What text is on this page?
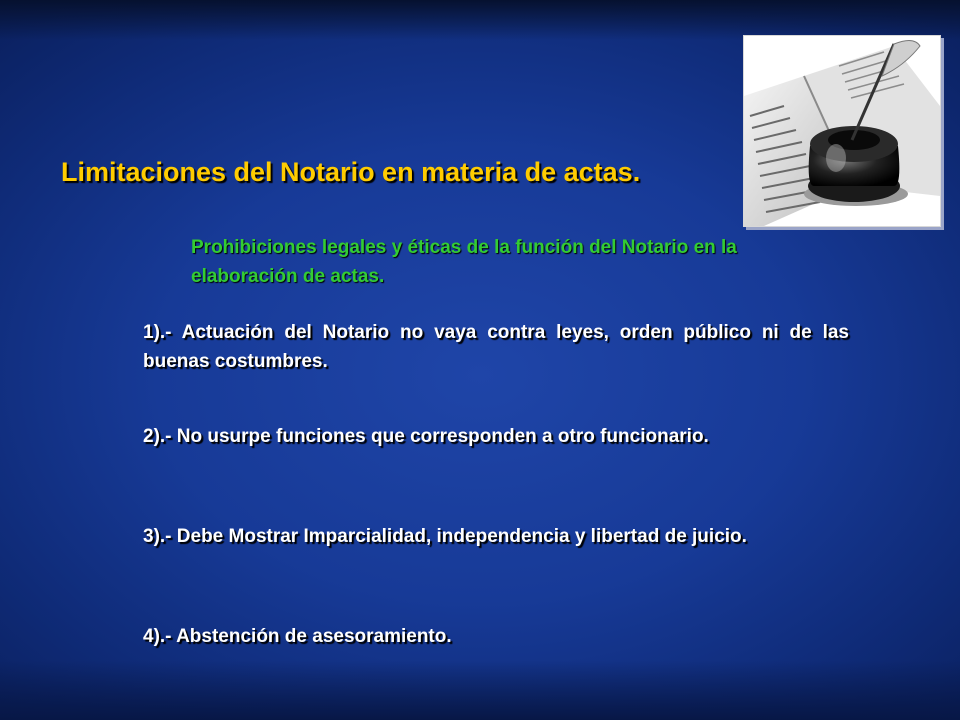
Limitaciones del Notario en materia de actas.

Prohibiciones legales y éticas de la función del Notario en la elaboración de actas.

1).- Actuación del Notario no vaya contra leyes, orden público ni de las buenas costumbres.
2).- No usurpe funciones que corresponden a otro funcionario.
3).- Debe Mostrar Imparcialidad, independencia y libertad de juicio.
4).- Abstención de asesoramiento.
